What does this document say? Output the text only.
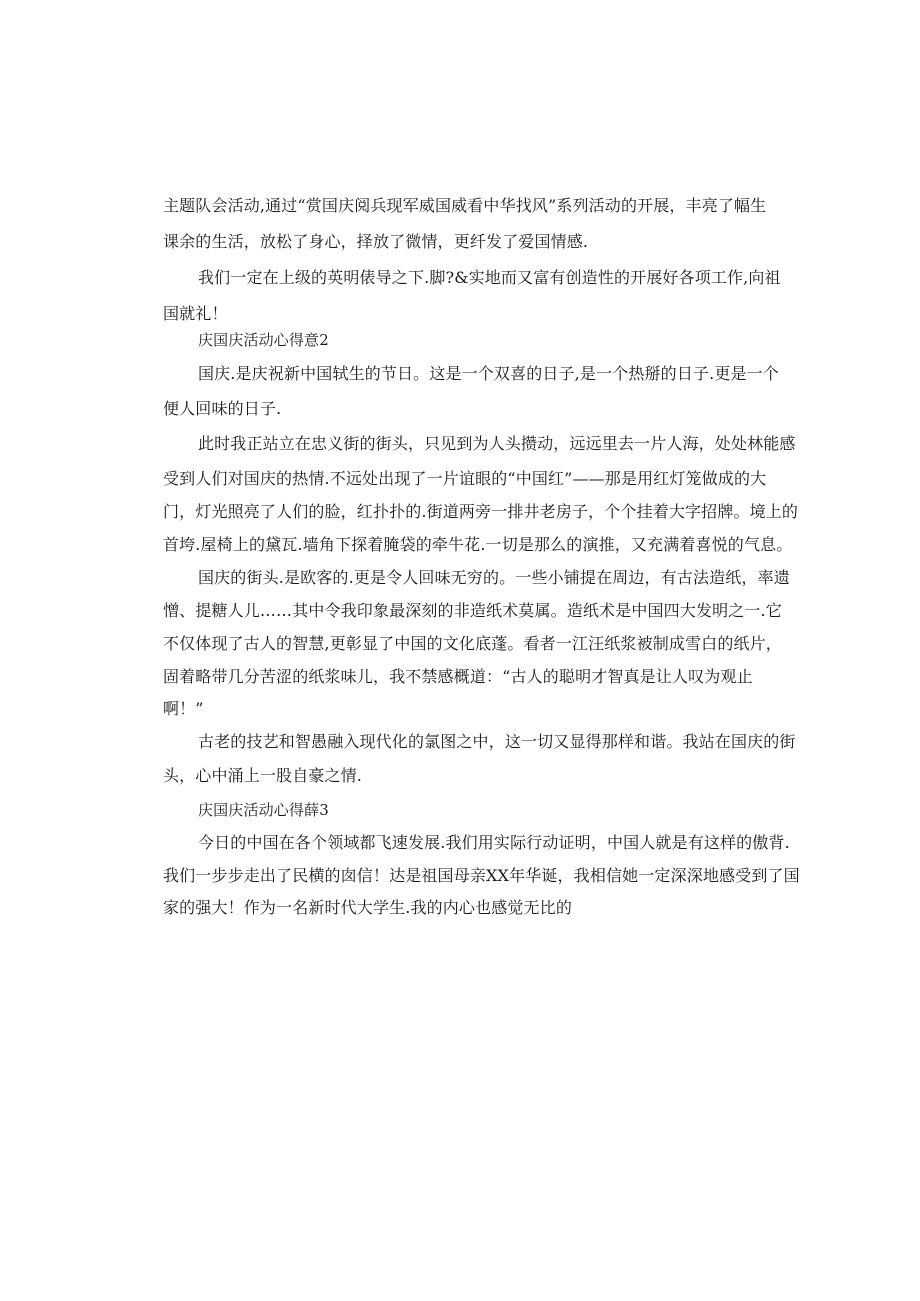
主题队会活动,通过“赏国庆阅兵现军威国威看中华找风”系列活动的开展，丰亮了幅生
课余的生活，放松了身心，择放了微情，更纤发了爱国情感.
我们一定在上级的英明俵导之下.脚?&实地而又富有创造性的开展好各项工作,向祖
国就礼！
庆国庆活动心得意2
国庆.是庆祝新中国轼生的节日。这是一个双喜的日子,是一个热掰的日子.更是一个
便人回味的日子.
此时我正站立在忠义街的街头，只见到为人头攒动，远远里去一片人海，处处林能感
受到人们对国庆的热情.不远处出现了一片谊眼的“中国红”——那是用红灯笼做成的大
门，灯光照亮了人们的脸，红扑扑的.街道两旁一排井老房子，个个挂着大字招牌。境上的
首垮.屋椅上的黛瓦.墙角下探着腌袋的牵牛花.一切是那么的演推，又充满着喜悦的气息。
国庆的街头.是欧客的.更是令人回味无穷的。一些小铺提在周边，有古法造纸，率遗
憎、提糖人儿……其中令我印象最深刻的非造纸术莫属。造纸术是中国四大发明之一.它
不仅体现了古人的智慧,更彰显了中国的文化底蓬。看者一江汪纸浆被制成雪白的纸片，
固着略带几分苦涩的纸浆味儿，我不禁感概道：“古人的聪明才智真是让人叹为观止
啊！”
古老的技艺和智愚融入现代化的氯图之中，这一切又显得那样和谐。我站在国庆的街
头，心中涌上一股自豪之情.
庆国庆活动心得薛3
今日的中国在各个领域都飞速发展.我们用实际行动证明，中国人就是有这样的傲背.
我们一步步走出了民横的囱信！达是祖国母亲XX年华诞，我相信她一定深深地感受到了国
家的强大！作为一名新时代大学生.我的内心也感觉无比的
